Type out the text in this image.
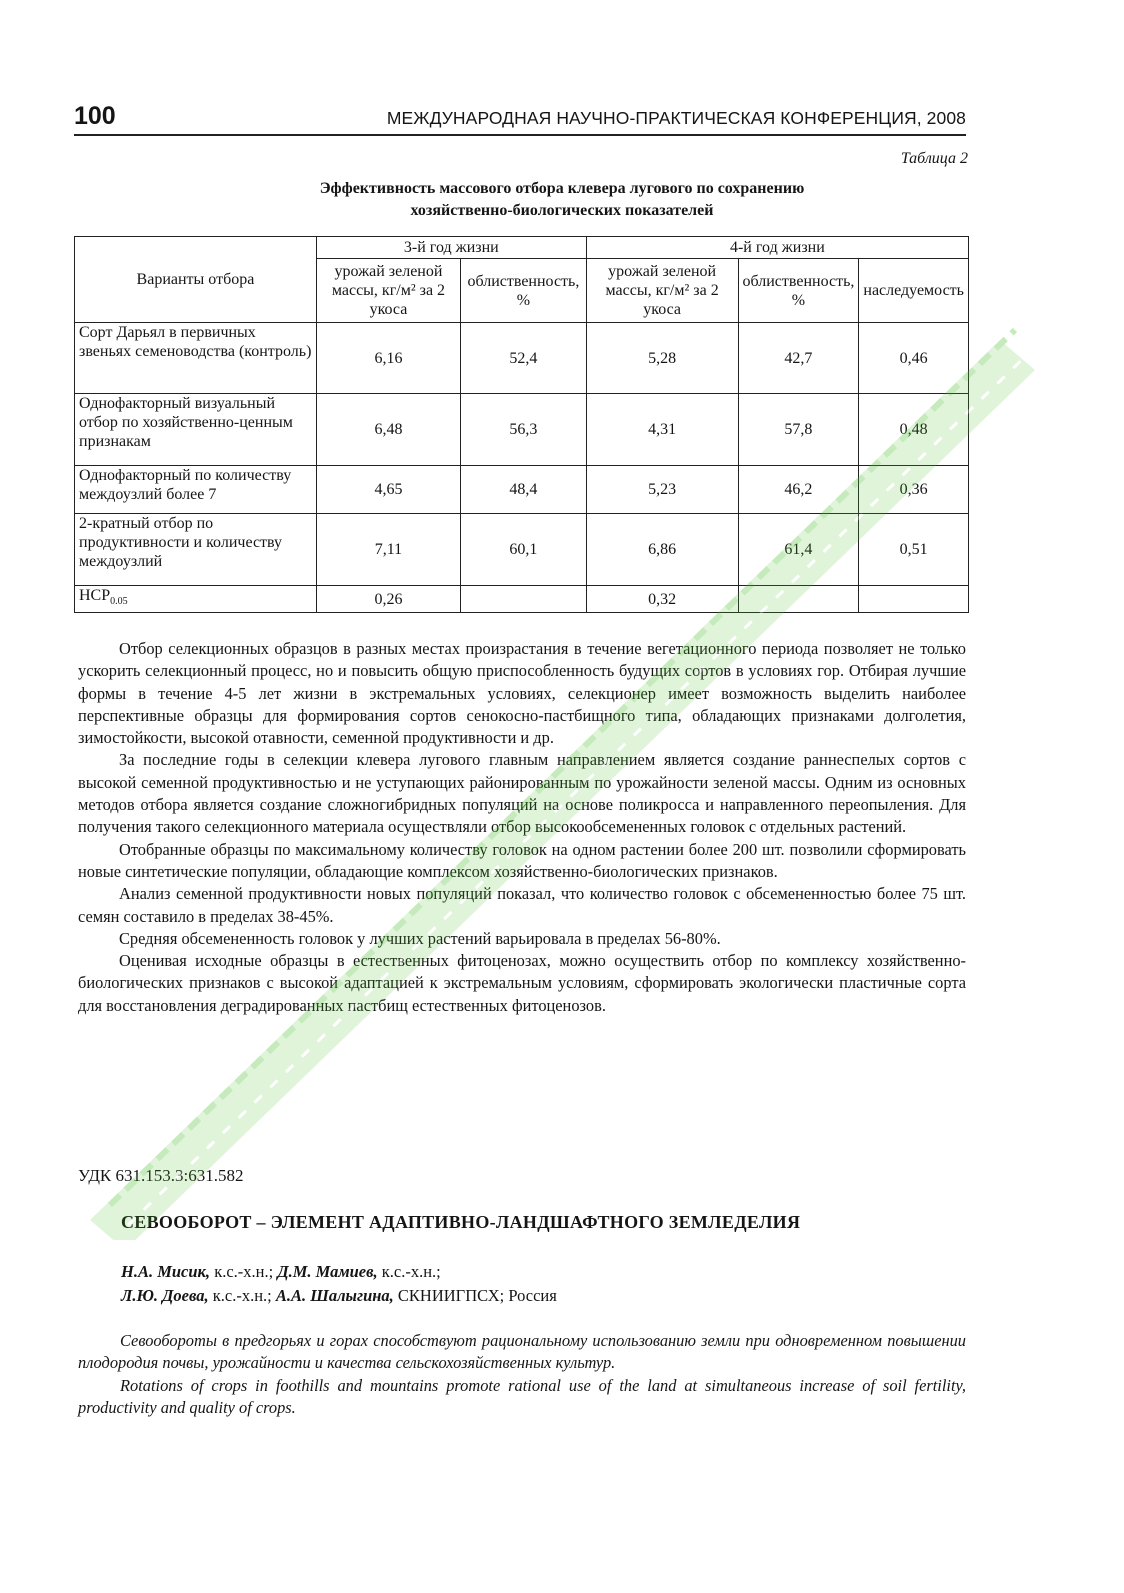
100	МЕЖДУНАРОДНАЯ НАУЧНО-ПРАКТИЧЕСКАЯ КОНФЕРЕНЦИЯ, 2008
Таблица 2
Эффективность массового отбора клевера лугового по сохранению
хозяйственно-биологических показателей
Варианты отбора	3-й год жизни		4-й год жизни		
	урожай зеленой массы, кг/м² за 2 укоса	облиственность, %	урожай зеленой массы, кг/м² за 2 укоса	облиственность, %	наследуемость
Сорт Дарьял в первичных звеньях семеноводства (контроль)	6,16	52,4	5,28	42,7	0,46
Однофакторный визуальный отбор по хозяйственно-ценным признакам	6,48	56,3	4,31	57,8	0,48
Однофакторный по количеству междоузлий более 7	4,65	48,4	5,23	46,2	0,36
2-кратный отбор по продуктивности и количеству междоузлий	7,11	60,1	6,86	61,4	0,51
$НСР_{0.05}$	0,26		0,32		

Отбор селекционных образцов в разных местах произрастания в течение вегетационного периода позволяет не только ускорить селекционный процесс, но и повысить общую приспособленность будущих сортов в условиях гор. Отбирая лучшие формы в течение 4-5 лет жизни в экстремальных условиях, селекционер имеет возможность выделить наиболее перспективные образцы для формирования сортов сенокосно-пастбищного типа, обладающих признаками долголетия, зимостойкости, высокой отавности, семенной продуктивности и др.

За последние годы в селекции клевера лугового главным направлением является создание раннеспелых сортов с высокой семенной продуктивностью и не уступающих районированным по урожайности зеленой массы. Одним из основных методов отбора является создание сложногибридных популяций на основе поликросса и направленного переопыления. Для получения такого селекционного материала осуществляли отбор высокообсемененных головок с отдельных растений.

Отобранные образцы по максимальному количеству головок на одном растении более 200 шт. позволили сформировать новые синтетические популяции, обладающие комплексом хозяйственно-биологических признаков.

Анализ семенной продуктивности новых популяций показал, что количество головок с обсемененностью более 75 шт. семян составило в пределах 38-45%.

Средняя обсемененность головок у лучших растений варьировала в пределах 56-80%.

Оценивая исходные образцы в естественных фитоценозах, можно осуществить отбор по комплексу хозяйственно-биологических признаков с высокой адаптацией к экстремальным условиям, сформировать экологически пластичные сорта для восстановления деградированных пастбищ естественных фитоценозов.

УДК 631.153.3:631.582
СЕВООБОРОТ – ЭЛЕМЕНТ АДАПТИВНО-ЛАНДШАФТНОГО ЗЕМЛЕДЕЛИЯ
Н.А. Мисик, к.с.-х.н.; Д.М. Мамиев, к.с.-х.н.;
Л.Ю. Доева, к.с.-х.н.; А.А. Шалыгина, СКНИИГПСХ; Россия

Севообороты в предгорьях и горах способствуют рациональному использованию земли при одновременном повышении плодородия почвы, урожайности и качества сельскохозяйственных культур.

Rotations of crops in foothills and mountains promote rational use of the land at simultaneous increase of soil fertility, productivity and quality of crops.
